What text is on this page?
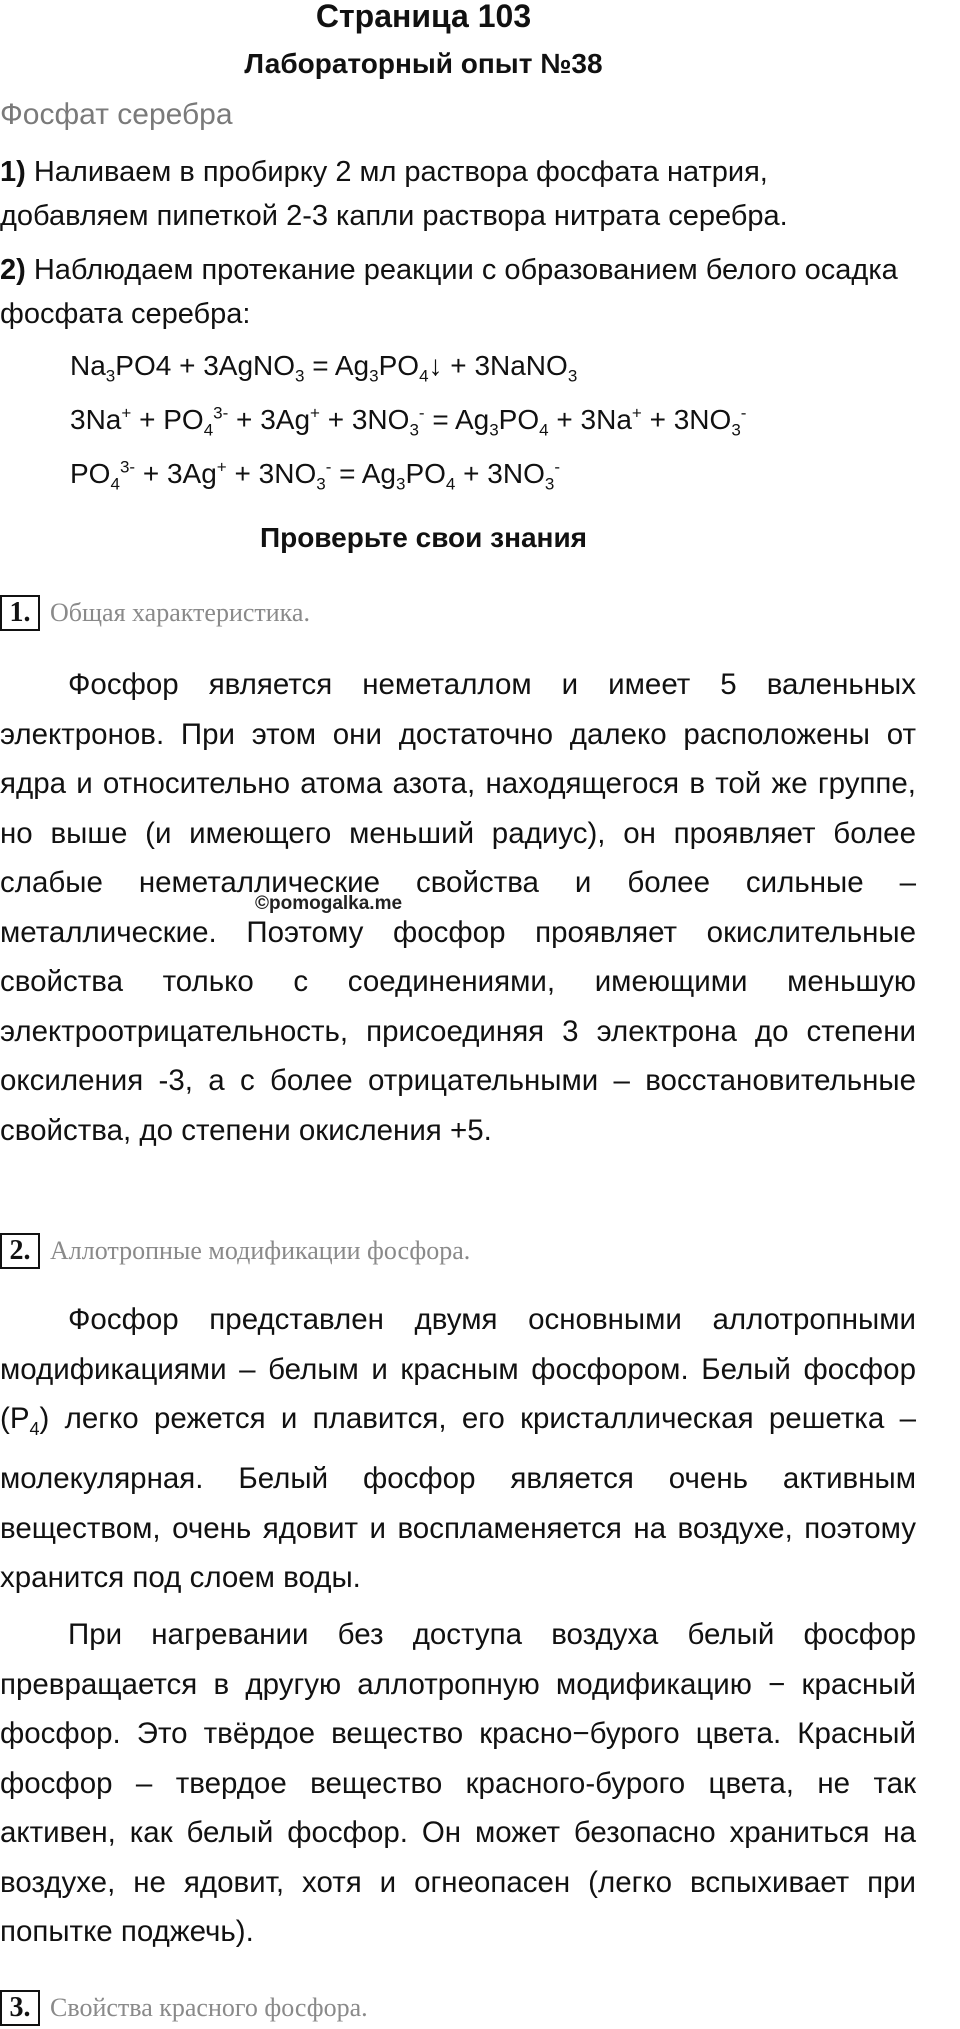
Страница 103
Лабораторный опыт №38
Фосфат серебра
1) Наливаем в пробирку 2 мл раствора фосфата натрия, добавляем пипеткой 2-3 капли раствора нитрата серебра.
2) Наблюдаем протекание реакции с образованием белого осадка фосфата серебра:
$Na_3PO4$ + 3AgNO$_3$ = $Ag_3PO_4↓$ + 3NaNO$_3$
$3Na^+ + PO_4^{3-} + 3Ag^+ + 3NO_3^- = Ag_3PO_4 + 3Na^+ + 3NO_3^-$
$PO_4^{3-} + 3Ag^+ + 3NO_3^- = Ag_3PO_4 + 3NO_3^-$
Проверьте свои знания
1. Общая характеристика.
Фосфор является неметаллом и имеет 5 валеньных электронов. При этом они достаточно далеко расположены от ядра и относительно атома азота, находящегося в той же группе, но выше (и имеющего меньший радиус), он проявляет более слабые неметаллические свойства и более сильные – металлические. Поэтому фосфор проявляет окислительные свойства только с соединениями, имеющими меньшую электроотрицательность, присоединяя 3 электрона до степени оксиления -3, а с более отрицательными – восстановительные свойства, до степени окисления +5.
©pomogalka.me
2. Аллотропные модификации фосфора.
Фосфор представлен двумя основными аллотропными модификациями – белым и красным фосфором. Белый фосфор $(P_4)$ легко режется и плавится, его кристаллическая решетка – молекулярная. Белый фосфор является очень активным веществом, очень ядовит и воспламеняется на воздухе, поэтому хранится под слоем воды.
При нагревании без доступа воздуха белый фосфор превращается в другую аллотропную модификацию − красный фосфор. Это твёрдое вещество красно−бурого цвета. Красный фосфор – твердое вещество красного-бурого цвета, не так активен, как белый фосфор. Он может безопасно храниться на воздухе, не ядовит, хотя и огнеопасен (легко вспыхивает при попытке поджечь).
3. Свойства красного фосфора.
